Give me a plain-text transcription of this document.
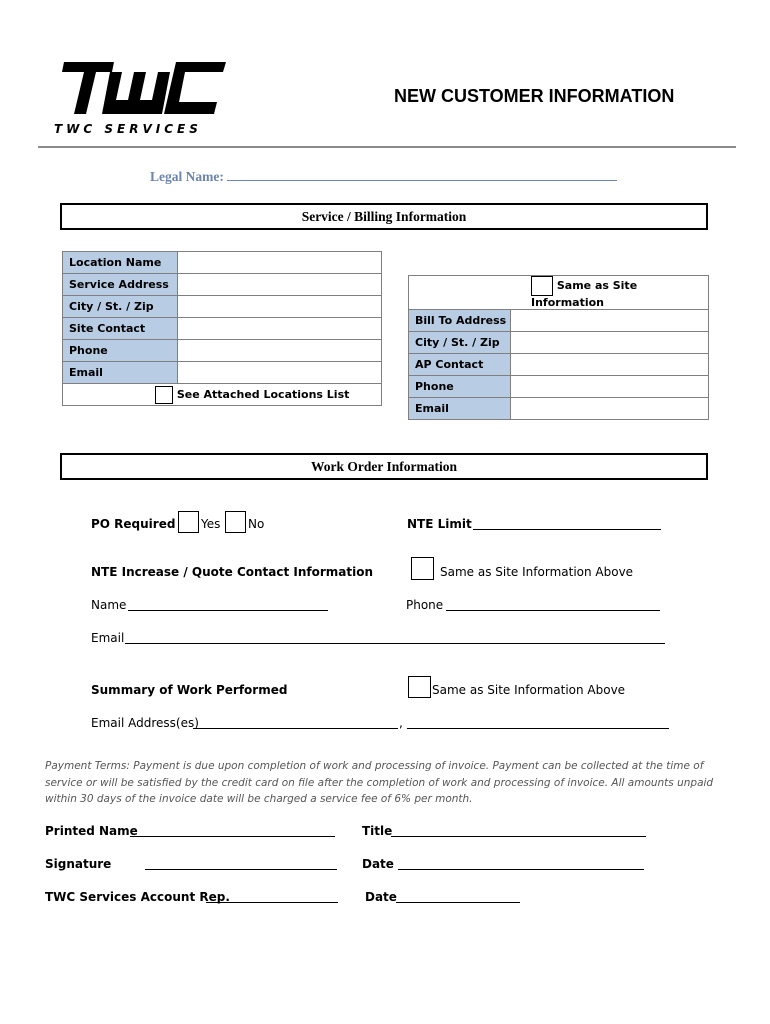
TWC SERVICES
NEW CUSTOMER INFORMATION
Legal Name:
Service / Billing Information
Location Name	
Service Address	
City / St. / Zip	
Site Contact	
Phone	
Email	
See Attached Locations List	
Same as Site Information	
Bill To Address	
City / St. / Zip	
AP Contact	
Phone	
Email	
Work Order Information
PO Required Yes No	NTE Limit
NTE Increase / Quote Contact Information	Same as Site Information Above
Name	Phone
Email
Summary of Work Performed	Same as Site Information Above
Email Address(es)	,
Payment Terms: Payment is due upon completion of work and processing of invoice. Payment can be collected at the time of
service or will be satisfied by the credit card on file after the completion of work and processing of invoice. All amounts unpaid
within 30 days of the invoice date will be charged a service fee of 6% per month.
Printed Name	Title
Signature	Date
TWC Services Account Rep.	Date
